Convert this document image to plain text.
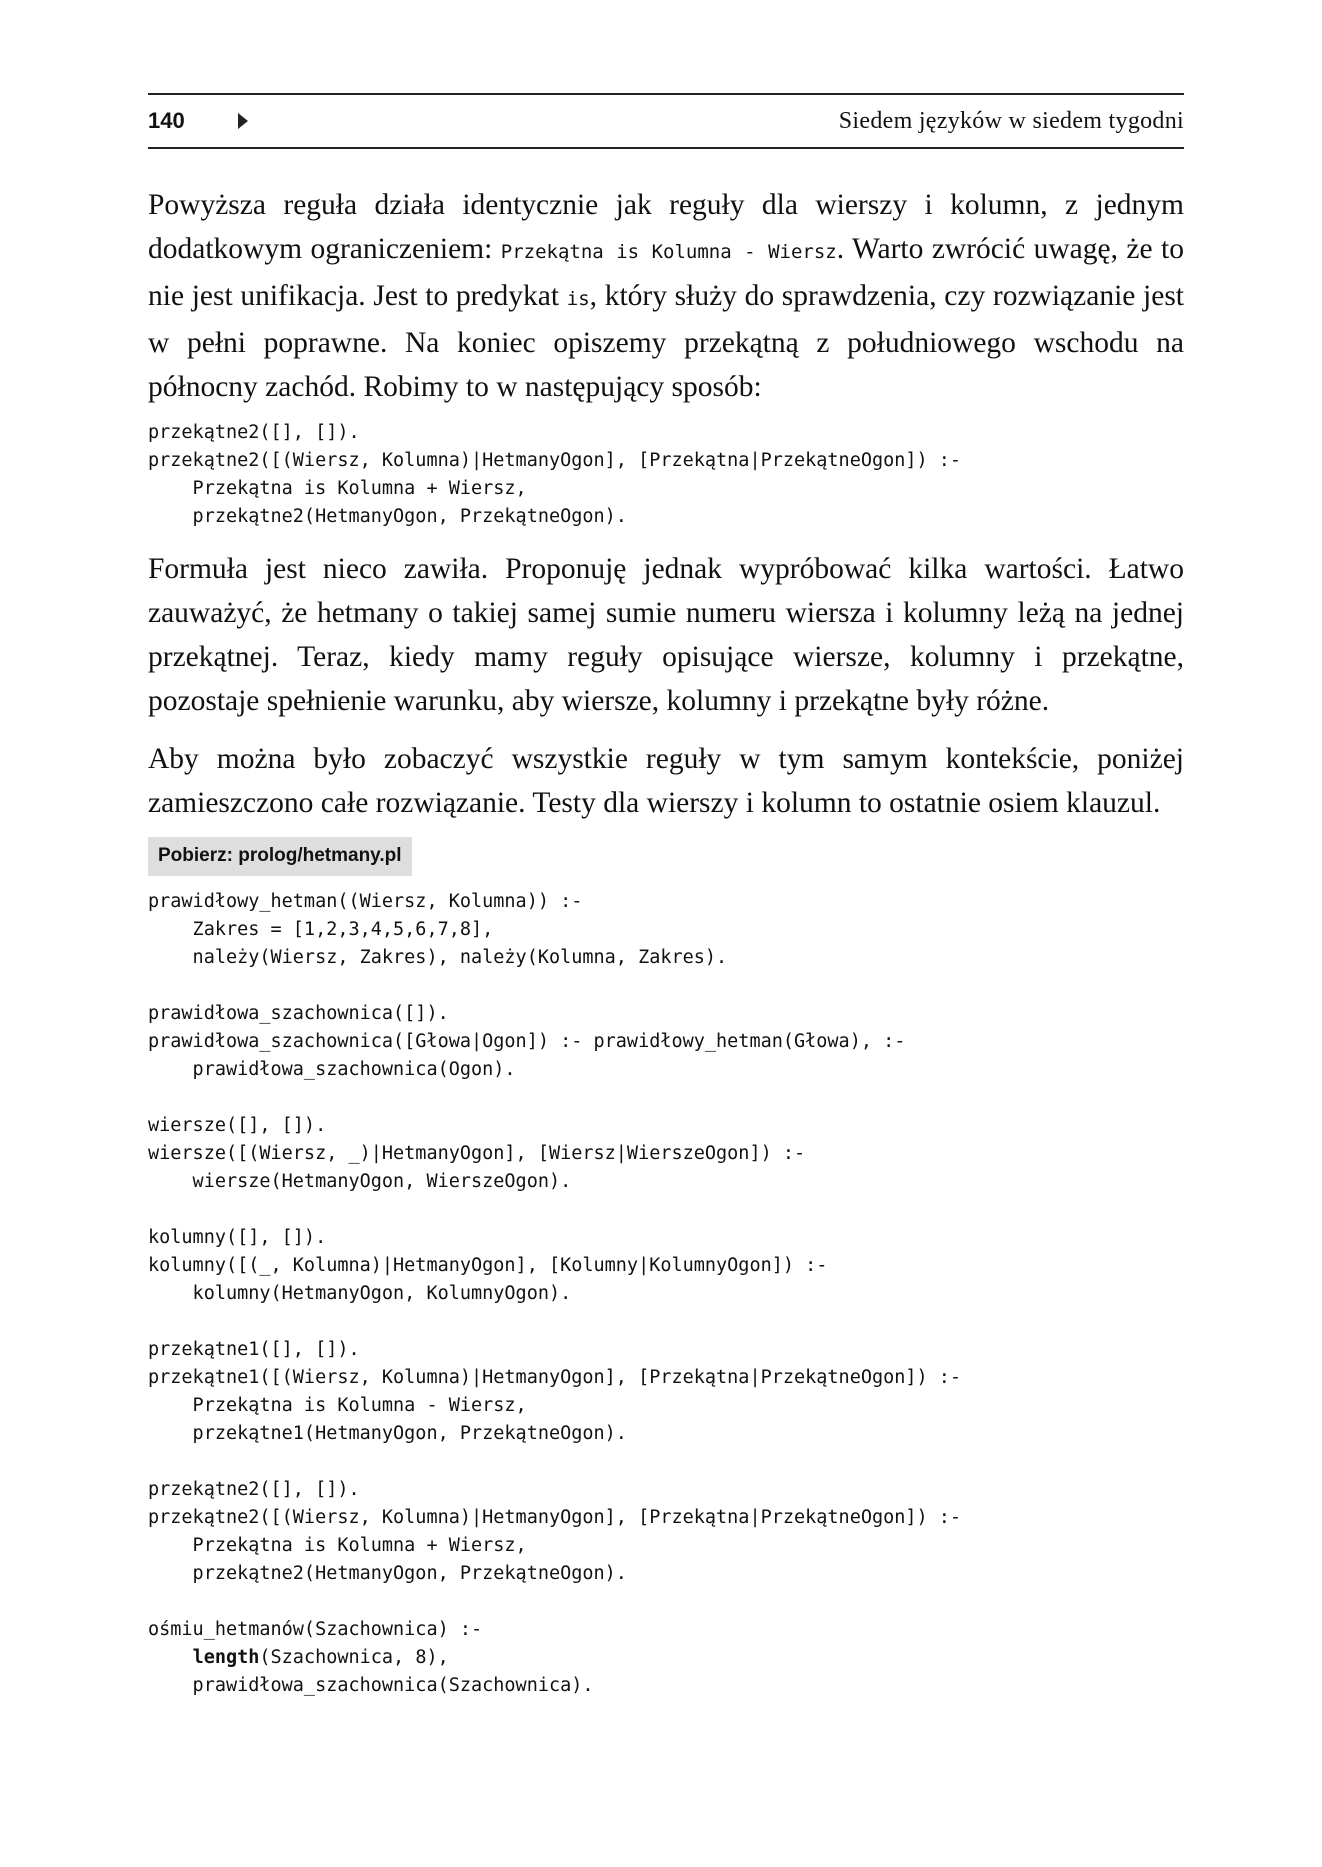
140	Siedem języków w siedem tygodni

Powyższa reguła działa identycznie jak reguły dla wierszy i kolumn, z jednym dodatkowym ograniczeniem: Przekątna is Kolumna - Wiersz. Warto zwrócić uwagę, że to nie jest unifikacja. Jest to predykat is, który służy do sprawdzenia, czy rozwiązanie jest w pełni poprawne. Na koniec opiszemy przekątną z południowego wschodu na północny zachód. Robimy to w następujący sposób:

przekątne2([], []).
przekątne2([(Wiersz, Kolumna)|HetmanyOgon], [Przekątna|PrzekątneOgon]) :-
Przekątna is Kolumna + Wiersz,
przekątne2(HetmanyOgon, PrzekątneOgon).

Formuła jest nieco zawiła. Proponuję jednak wypróbować kilka wartości. Łatwo zauważyć, że hetmany o takiej samej sumie numeru wiersza i kolumny leżą na jednej przekątnej. Teraz, kiedy mamy reguły opisujące wiersze, kolumny i przekątne, pozostaje spełnienie warunku, aby wiersze, kolumny i przekątne były różne.

Aby można było zobaczyć wszystkie reguły w tym samym kontekście, poniżej zamieszczono całe rozwiązanie. Testy dla wierszy i kolumn to ostatnie osiem klauzul.

Pobierz: prolog/hetmany.pl
prawidłowy_hetman((Wiersz, Kolumna)) :-
Zakres = [1,2,3,4,5,6,7,8],
należy(Wiersz, Zakres), należy(Kolumna, Zakres).
prawidłowa_szachownica([]).
prawidłowa_szachownica([Głowa|Ogon]) :- prawidłowy_hetman(Głowa), :-
prawidłowa_szachownica(Ogon).
wiersze([], []).
wiersze([(Wiersz, _)|HetmanyOgon], [Wiersz|WierszeOgon]) :-
wiersze(HetmanyOgon, WierszeOgon).
kolumny([], []).
kolumny([(_, Kolumna)|HetmanyOgon], [Kolumny|KolumnyOgon]) :-
kolumny(HetmanyOgon, KolumnyOgon).
przekątne1([], []).
przekątne1([(Wiersz, Kolumna)|HetmanyOgon], [Przekątna|PrzekątneOgon]) :-
Przekątna is Kolumna - Wiersz,
przekątne1(HetmanyOgon, PrzekątneOgon).
przekątne2([], []).
przekątne2([(Wiersz, Kolumna)|HetmanyOgon], [Przekątna|PrzekątneOgon]) :-
Przekątna is Kolumna + Wiersz,
przekątne2(HetmanyOgon, PrzekątneOgon).
ośmiu_hetmanów(Szachownica) :-
length(Szachownica, 8),
prawidłowa_szachownica(Szachownica).
